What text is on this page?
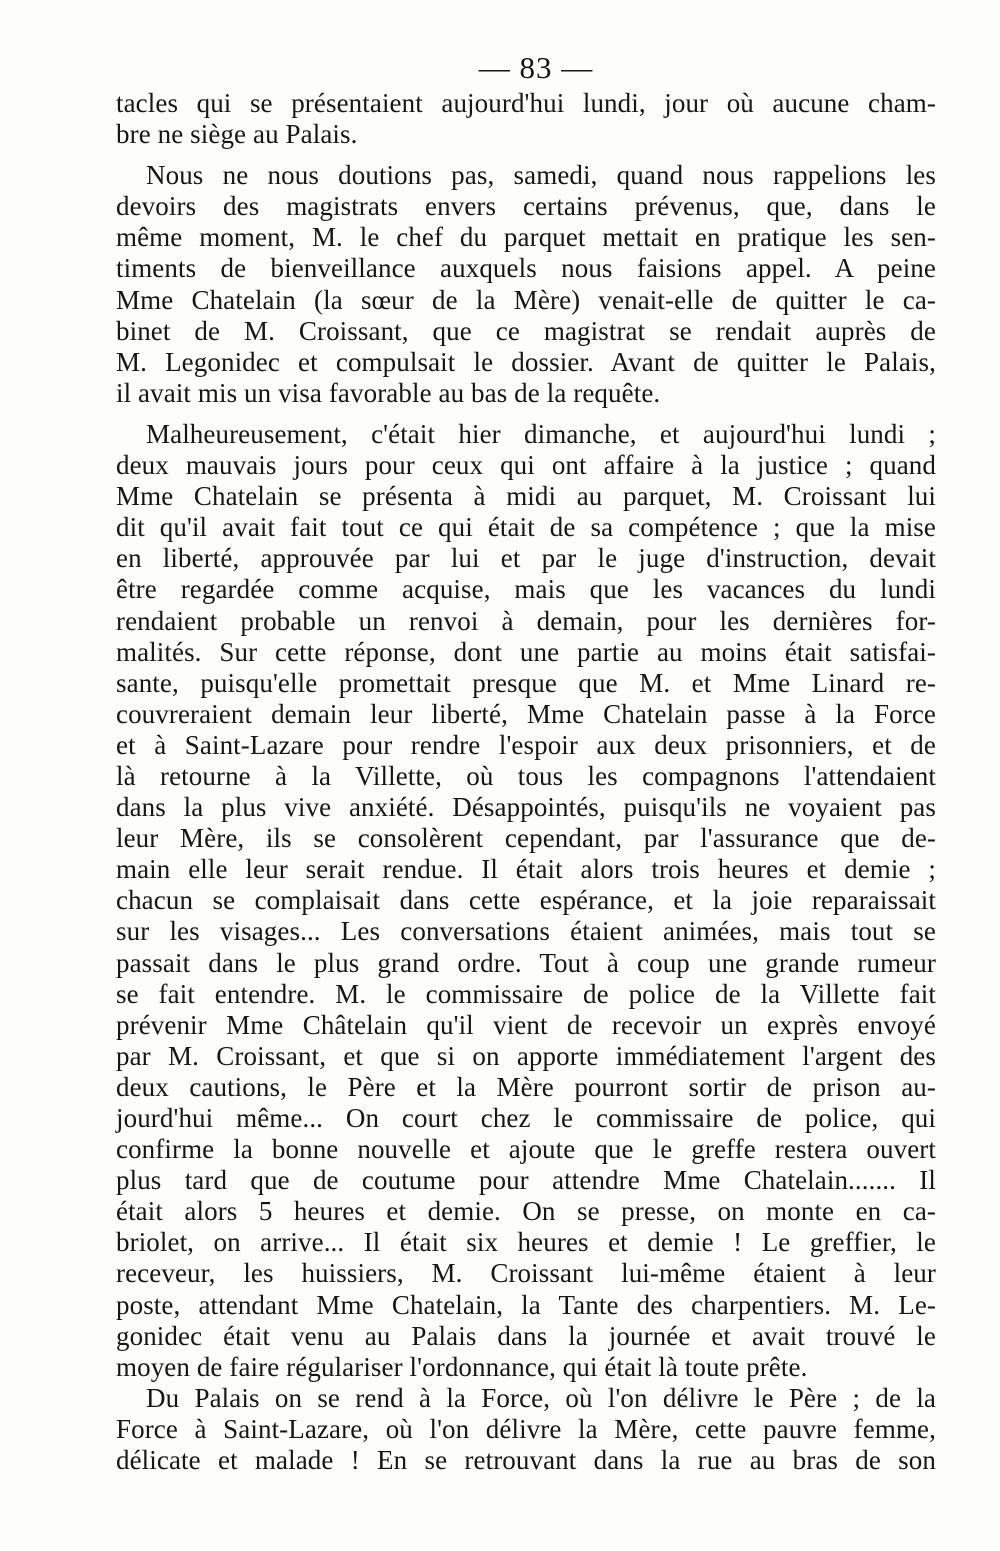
— 83 —
tacles qui se présentaient aujourd'hui lundi, jour où aucune cham-
bre ne siège au Palais.
Nous ne nous doutions pas, samedi, quand nous rappelions les
devoirs des magistrats envers certains prévenus, que, dans le
même moment, M. le chef du parquet mettait en pratique les sen-
timents de bienveillance auxquels nous faisions appel. A peine
Mme Chatelain (la sœur de la Mère) venait-elle de quitter le ca-
binet de M. Croissant, que ce magistrat se rendait auprès de
M. Legonidec et compulsait le dossier. Avant de quitter le Palais,
il avait mis un visa favorable au bas de la requête.
Malheureusement, c'était hier dimanche, et aujourd'hui lundi ;
deux mauvais jours pour ceux qui ont affaire à la justice ; quand
Mme Chatelain se présenta à midi au parquet, M. Croissant lui
dit qu'il avait fait tout ce qui était de sa compétence ; que la mise
en liberté, approuvée par lui et par le juge d'instruction, devait
être regardée comme acquise, mais que les vacances du lundi
rendaient probable un renvoi à demain, pour les dernières for-
malités. Sur cette réponse, dont une partie au moins était satisfai-
sante, puisqu'elle promettait presque que M. et Mme Linard re-
couvreraient demain leur liberté, Mme Chatelain passe à la Force
et à Saint-Lazare pour rendre l'espoir aux deux prisonniers, et de
là retourne à la Villette, où tous les compagnons l'attendaient
dans la plus vive anxiété. Désappointés, puisqu'ils ne voyaient pas
leur Mère, ils se consolèrent cependant, par l'assurance que de-
main elle leur serait rendue. Il était alors trois heures et demie ;
chacun se complaisait dans cette espérance, et la joie reparaissait
sur les visages... Les conversations étaient animées, mais tout se
passait dans le plus grand ordre. Tout à coup une grande rumeur
se fait entendre. M. le commissaire de police de la Villette fait
prévenir Mme Châtelain qu'il vient de recevoir un exprès envoyé
par M. Croissant, et que si on apporte immédiatement l'argent des
deux cautions, le Père et la Mère pourront sortir de prison au-
jourd'hui même... On court chez le commissaire de police, qui
confirme la bonne nouvelle et ajoute que le greffe restera ouvert
plus tard que de coutume pour attendre Mme Chatelain....... Il
était alors 5 heures et demie. On se presse, on monte en ca-
briolet, on arrive... Il était six heures et demie ! Le greffier, le
receveur, les huissiers, M. Croissant lui-même étaient à leur
poste, attendant Mme Chatelain, la Tante des charpentiers. M. Le-
gonidec était venu au Palais dans la journée et avait trouvé le
moyen de faire régulariser l'ordonnance, qui était là toute prête.
Du Palais on se rend à la Force, où l'on délivre le Père ; de la
Force à Saint-Lazare, où l'on délivre la Mère, cette pauvre femme,
délicate et malade ! En se retrouvant dans la rue au bras de son
